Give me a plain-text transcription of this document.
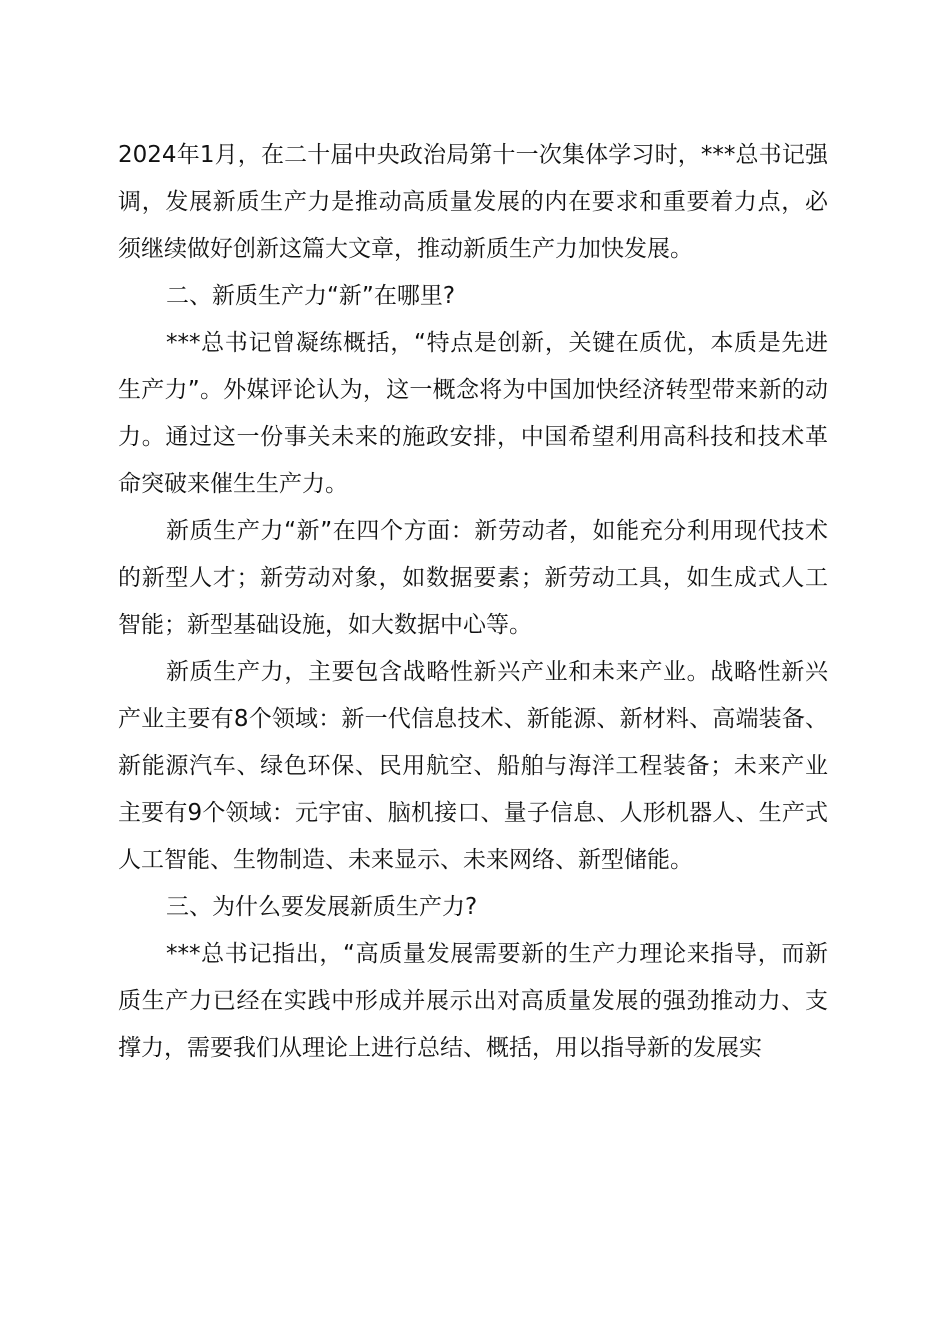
2024年1月，在二十届中央政治局第十一次集体学习时，***总书记强调，发展新质生产力是推动高质量发展的内在要求和重要着力点，必须继续做好创新这篇大文章，推动新质生产力加快发展。

二、新质生产力“新”在哪里?

***总书记曾凝练概括，“特点是创新，关键在质优，本质是先进生产力”。外媒评论认为，这一概念将为中国加快经济转型带来新的动力。通过这一份事关未来的施政安排，中国希望利用高科技和技术革命突破来催生生产力。

新质生产力“新”在四个方面：新劳动者，如能充分利用现代技术的新型人才；新劳动对象，如数据要素；新劳动工具，如生成式人工智能；新型基础设施，如大数据中心等。

新质生产力，主要包含战略性新兴产业和未来产业。战略性新兴产业主要有8个领域：新一代信息技术、新能源、新材料、高端装备、新能源汽车、绿色环保、民用航空、船舶与海洋工程装备；未来产业主要有9个领域：元宇宙、脑机接口、量子信息、人形机器人、生产式人工智能、生物制造、未来显示、未来网络、新型储能。

三、为什么要发展新质生产力?

***总书记指出，“高质量发展需要新的生产力理论来指导，而新质生产力已经在实践中形成并展示出对高质量发展的强劲推动力、支撑力，需要我们从理论上进行总结、概括，用以指导新的发展实
